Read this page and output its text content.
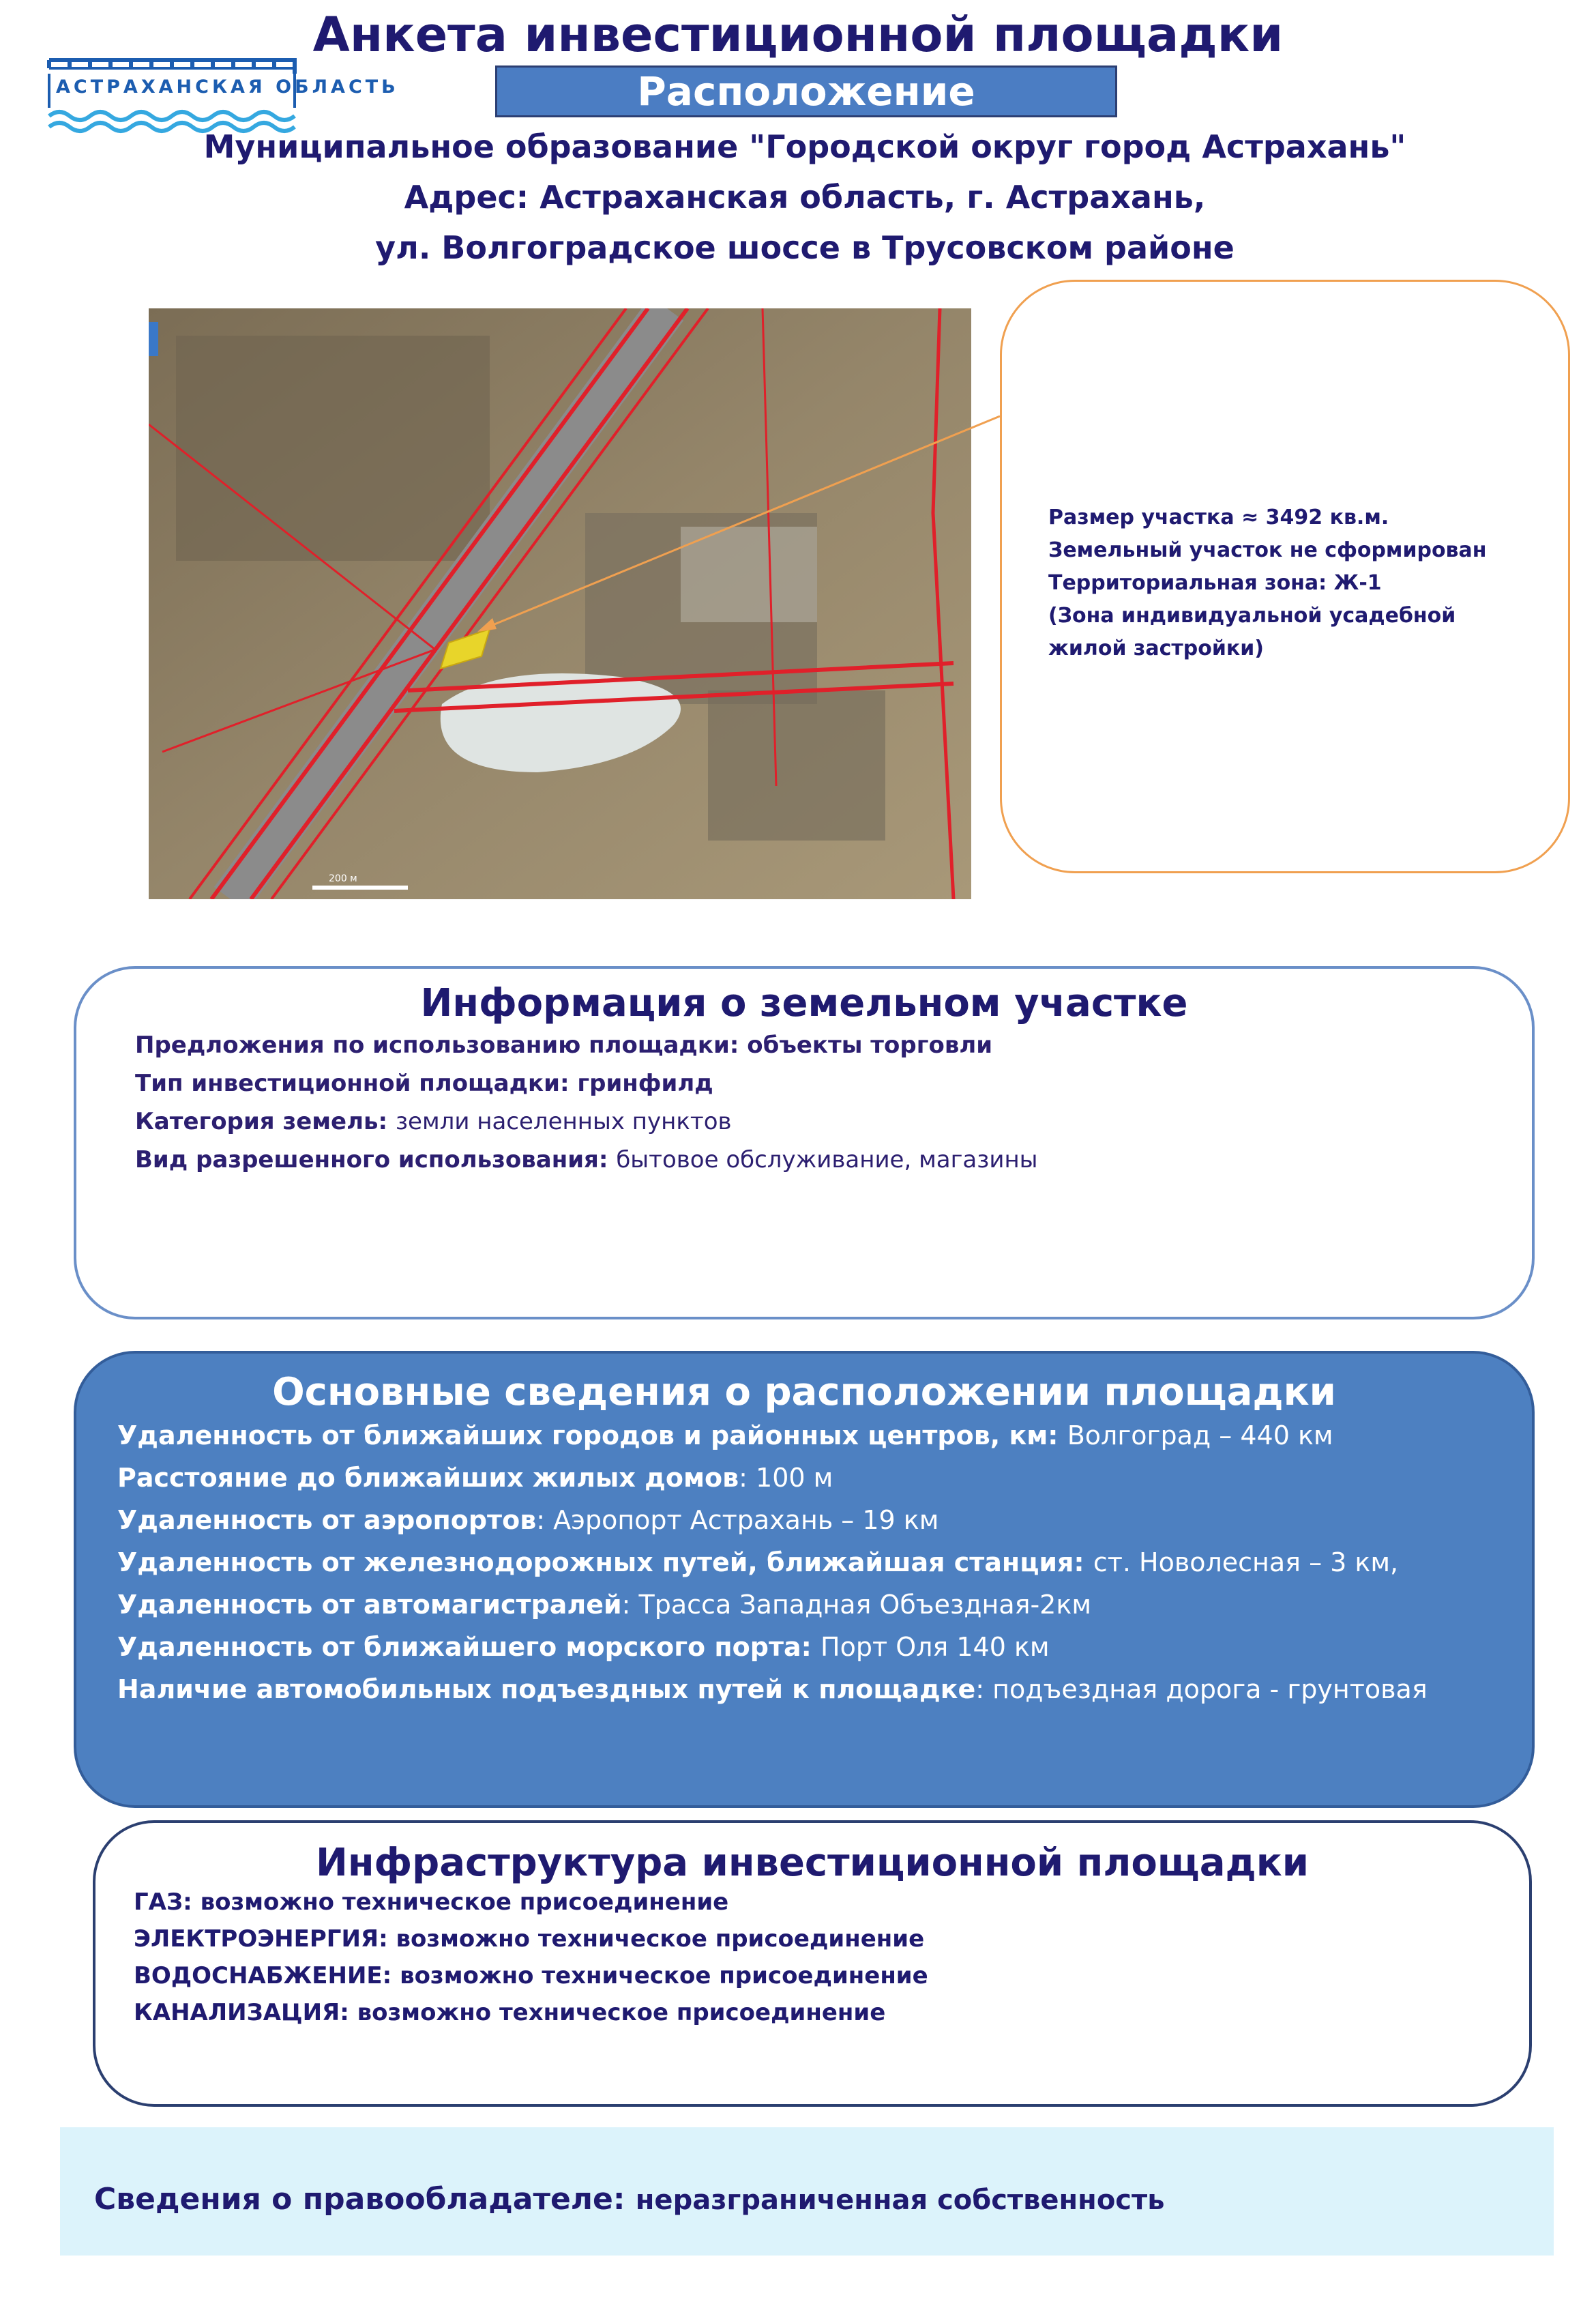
АСТРАХАНСКАЯ ОБЛАСТЬ
Анкета инвестиционной площадки
Расположение
Муниципальное образование "Городской округ город Астрахань"
Адрес: Астраханская область, г. Астрахань,
ул. Волгоградское шоссе в Трусовском районе
200 м
Размер участка ≈ 3492 кв.м.
Земельный участок не сформирован
Территориальная зона: Ж-1
(Зона индивидуальной усадебной
жилой застройки)
Информация о земельном участке
Предложения по использованию площадки: объекты торговли
Тип инвестиционной площадки: гринфилд
Категория земель: земли населенных пунктов
Вид разрешенного использования: бытовое обслуживание, магазины
Основные сведения о расположении площадки
Удаленность от ближайших городов и районных центров, км: Волгоград – 440 км
Расстояние до ближайших жилых домов: 100 м
Удаленность от аэропортов: Аэропорт Астрахань – 19 км
Удаленность от железнодорожных путей, ближайшая станция: ст. Новолесная – 3 км,
Удаленность от автомагистралей: Трасса Западная Объездная-2км
Удаленность от ближайшего морского порта: Порт Оля 140 км
Наличие автомобильных подъездных путей к площадке: подъездная дорога - грунтовая
Инфраструктура инвестиционной площадки
ГАЗ: возможно техническое присоединение
ЭЛЕКТРОЭНЕРГИЯ: возможно техническое присоединение
ВОДОСНАБЖЕНИЕ: возможно техническое присоединение
КАНАЛИЗАЦИЯ: возможно техническое присоединение
Сведения о правообладателе: неразграниченная собственность
